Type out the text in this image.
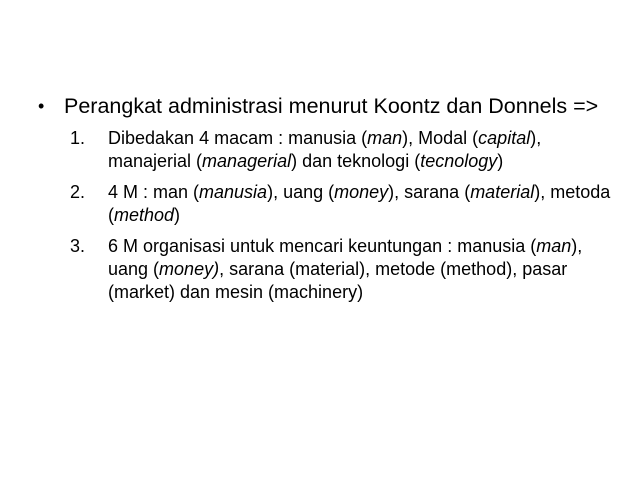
• Perangkat administrasi menurut Koontz dan Donnels =>
1.	Dibedakan 4 macam : manusia (man), Modal (capital), manajerial (managerial) dan teknologi (tecnology)
2.	4 M : man (manusia), uang (money), sarana (material), metoda (method)
3.	6 M organisasi untuk mencari keuntungan : manusia (man), uang (money), sarana (material), metode (method), pasar (market) dan mesin (machinery)
